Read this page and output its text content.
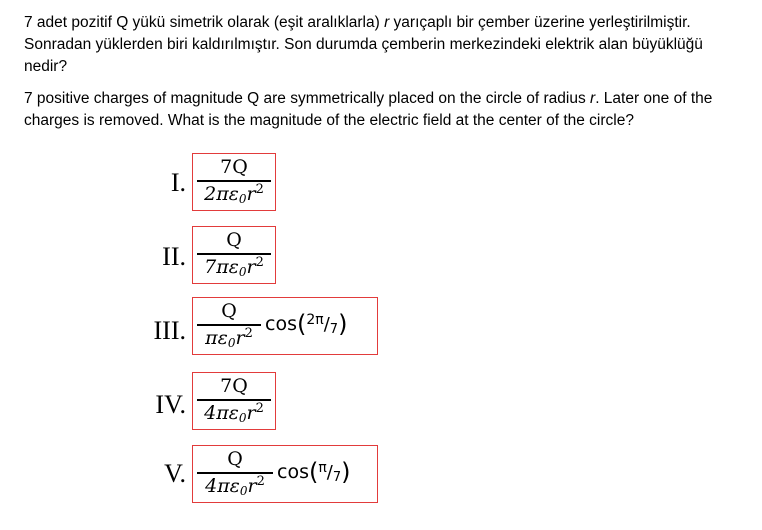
7 adet pozitif Q yükü simetrik olarak (eşit aralıklarla) r yarıçaplı bir çember üzerine yerleştirilmiştir. Sonradan yüklerden biri kaldırılmıştır. Son durumda çemberin merkezindeki elektrik alan büyüklüğü nedir?

7 positive charges of magnitude Q are symmetrically placed on the circle of radius r. Later one of the charges is removed. What is the magnitude of the electric field at the center of the circle?

I.
7Q
$2\pi\varepsilon_0r^2$
II.
Q
$7\pi\varepsilon_0r^2$
III.
Q
$\pi\varepsilon_0r^2$ cos($^{2\pi}$/7)
IV.
7Q
$4\pi\varepsilon_0r^2$
V.	Q
$4\pi\varepsilon_0r^2$ cos($^\pi$/7)
